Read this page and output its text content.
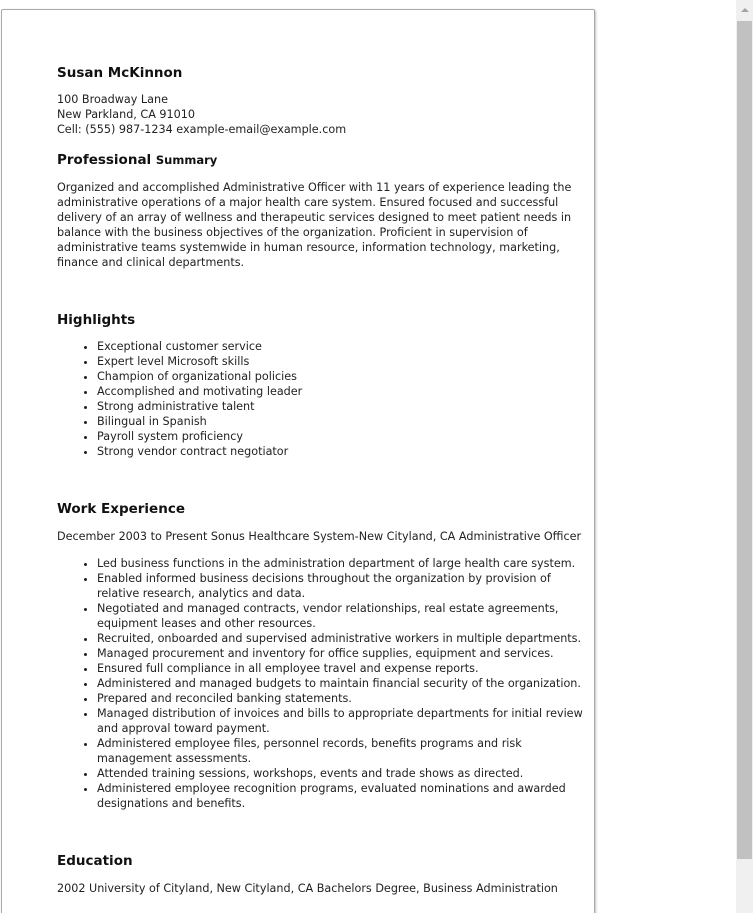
Susan McKinnon
100 Broadway Lane
New Parkland, CA 91010
Cell: (555) 987-1234 example-email@example.com
Professional Summary

Organized and accomplished Administrative Officer with 11 years of experience leading the administrative operations of a major health care system. Ensured focused and successful delivery of an array of wellness and therapeutic services designed to meet patient needs in balance with the business objectives of the organization. Proficient in supervision of administrative teams systemwide in human resource, information technology, marketing, finance and clinical departments.

Highlights
• Exceptional customer service
• Expert level Microsoft skills
• Champion of organizational policies
• Accomplished and motivating leader
• Strong administrative talent
• Bilingual in Spanish
• Payroll system proficiency
• Strong vendor contract negotiator
Work Experience

December 2003 to Present Sonus Healthcare System-New Cityland, CA Administrative Officer

• Led business functions in the administration department of large health care system.
• Enabled informed business decisions throughout the organization by provision of relative research, analytics and data.
• Negotiated and managed contracts, vendor relationships, real estate agreements, equipment leases and other resources.
• Recruited, onboarded and supervised administrative workers in multiple departments.
• Managed procurement and inventory for office supplies, equipment and services.
• Ensured full compliance in all employee travel and expense reports.
• Administered and managed budgets to maintain financial security of the organization.
• Prepared and reconciled banking statements.
• Managed distribution of invoices and bills to appropriate departments for initial review and approval toward payment.
• Administered employee files, personnel records, benefits programs and risk management assessments.
• Attended training sessions, workshops, events and trade shows as directed.
• Administered employee recognition programs, evaluated nominations and awarded designations and benefits.
Education

2002 University of Cityland, New Cityland, CA Bachelors Degree, Business Administration
